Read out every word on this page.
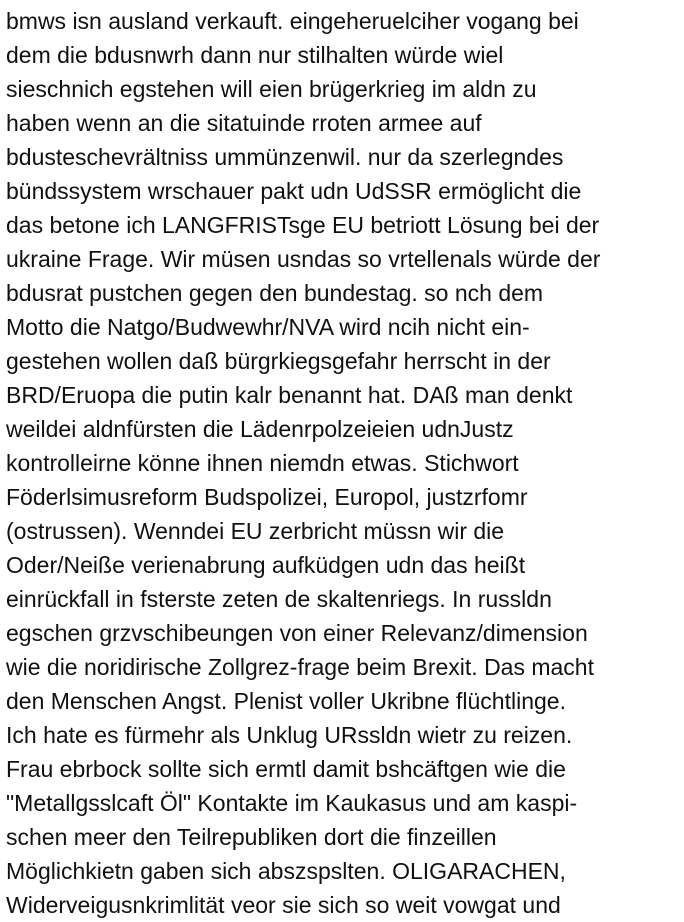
bmws isn ausland verkauft. eingeheruelciher vogang bei
dem die bdusnwrh dann nur stilhalten würde wiel
sieschnich egstehen will eien brügerkrieg im aldn zu
haben wenn an die sitatuinde rroten armee auf
bdusteschevrältniss ummünzenwil. nur da szerlegndes
bündssystem wrschauer pakt udn UdSSR ermöglicht die
das betone ich LANGFRISTsge EU betriott Lösung bei der
ukraine Frage. Wir müsen usndas so vrtellenals würde der
bdusrat pustchen gegen den bundestag. so nch dem
Motto die Natgo/Budwewhr/NVA wird ncih nicht ein-
gestehen wollen daß bürgrkiegsgefahr herrscht in der
BRD/Eruopa die putin kalr benannt hat. DAß man denkt
weildei aldnfürsten die Lädenrpolzeieien udnJustz
kontrolleirne könne ihnen niemdn etwas. Stichwort
Föderlsimusreform Budspolizei, Europol, justzrfomr
(ostrussen). Wenndei EU zerbricht müssn wir die
Oder/Neiße verienabrung aufküdgen udn das heißt
einrückfall in fsterste zeten de skaltenriegs. In russldn
egschen grzvschibeungen von einer Relevanz/dimension
wie die noridirische Zollgrez-frage beim Brexit. Das macht
den Menschen Angst. Plenist voller Ukribne flüchtlinge.
Ich hate es fürmehr als Unklug URssldn wietr zu reizen.
Frau ebrbock sollte sich ermtl damit bshcäftgen wie die
"Metallgsslcaft Öl" Kontakte im Kaukasus und am kaspi-
schen meer den Teilrepubliken dort die finzeillen
Möglichkietn gaben sich abszspslten. OLIGARACHEN,
Widerveigusnkrimlität veor sie sich so weit vowgat und
